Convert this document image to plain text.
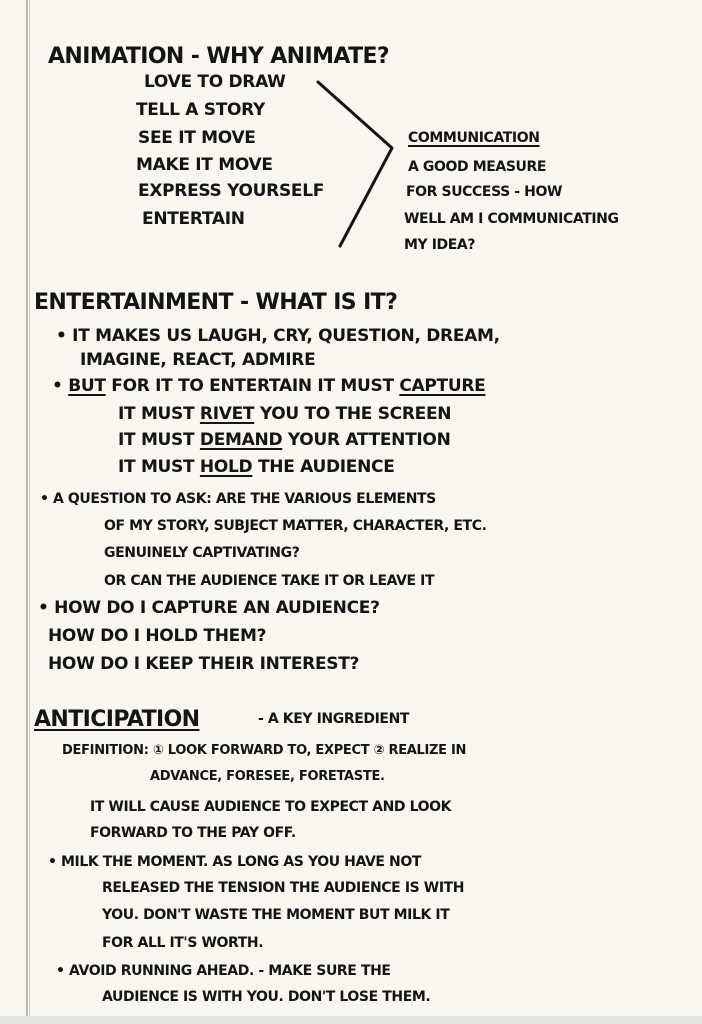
ANIMATION - WHY ANIMATE?
LOVE TO DRAW
TELL A STORY
SEE IT MOVE
MAKE IT MOVE
EXPRESS YOURSELF
ENTERTAIN
COMMUNICATION
A GOOD MEASURE
FOR SUCCESS - HOW
WELL AM I COMMUNICATING
MY IDEA?
ENTERTAINMENT - WHAT IS IT?
• IT MAKES US LAUGH, CRY, QUESTION, DREAM,
IMAGINE, REACT, ADMIRE
• BUT FOR IT TO ENTERTAIN IT MUST CAPTURE
IT MUST RIVET YOU TO THE SCREEN
IT MUST DEMAND YOUR ATTENTION
IT MUST HOLD THE AUDIENCE
• A QUESTION TO ASK: ARE THE VARIOUS ELEMENTS
OF MY STORY, SUBJECT MATTER, CHARACTER, ETC.
GENUINELY CAPTIVATING?
OR CAN THE AUDIENCE TAKE IT OR LEAVE IT
• HOW DO I CAPTURE AN AUDIENCE?
HOW DO I HOLD THEM?
HOW DO I KEEP THEIR INTEREST?
ANTICIPATION	- A KEY INGREDIENT
DEFINITION: ① LOOK FORWARD TO, EXPECT ② REALIZE IN
ADVANCE, FORESEE, FORETASTE.
IT WILL CAUSE AUDIENCE TO EXPECT AND LOOK
FORWARD TO THE PAY OFF.
• MILK THE MOMENT. AS LONG AS YOU HAVE NOT
RELEASED THE TENSION THE AUDIENCE IS WITH
YOU. DON'T WASTE THE MOMENT BUT MILK IT
FOR ALL IT'S WORTH.
• AVOID RUNNING AHEAD. - MAKE SURE THE
AUDIENCE IS WITH YOU. DON'T LOSE THEM.
